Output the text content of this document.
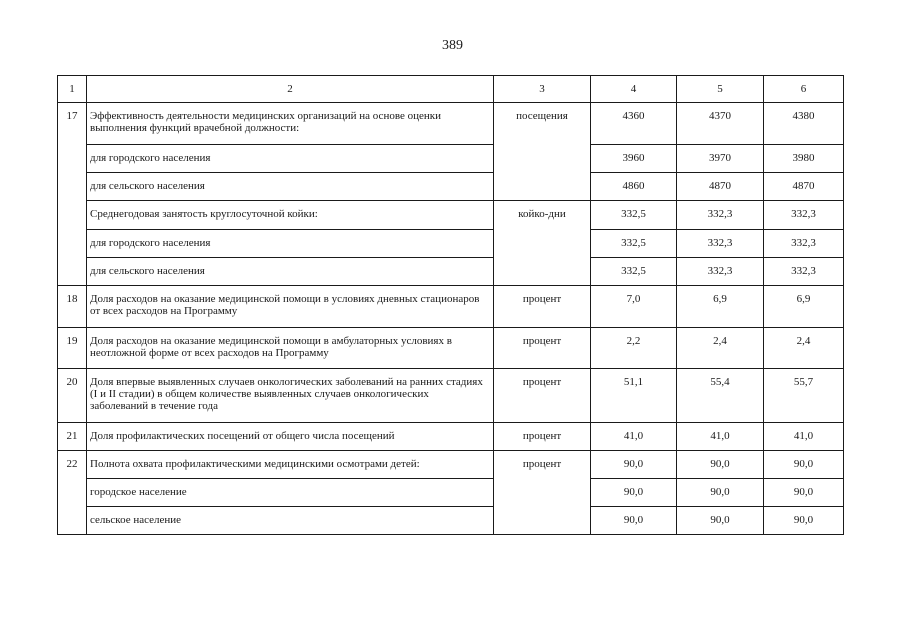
389
1	2	3	4	5	6
17	Эффективность деятельности медицинских организаций на основе оценки выполнения функций врачебной должности:	посещения	4360	4370	4380
	для городского населения		3960	3970	3980
	для сельского населения		4860	4870	4870
	Среднегодовая занятость круглосуточной койки:	койко-дни	332,5	332,3	332,3
	для городского населения		332,5	332,3	332,3
	для сельского населения		332,5	332,3	332,3
18	Доля расходов на оказание медицинской помощи в условиях дневных стационаров от всех расходов на Программу	процент	7,0	6,9	6,9
19	Доля расходов на оказание медицинской помощи в амбулаторных условиях в неотложной форме от всех расходов на Программу	процент	2,2	2,4	2,4
20	Доля впервые выявленных случаев онкологических заболеваний на ранних стадиях (I и II стадии) в общем количестве выявленных случаев онкологических заболеваний в течение года	процент	51,1	55,4	55,7
21	Доля профилактических посещений от общего числа посещений	процент	41,0	41,0	41,0
22	Полнота охвата профилактическими медицинскими осмотрами детей:	процент	90,0	90,0	90,0
	городское население		90,0	90,0	90,0
	сельское население		90,0	90,0	90,0
